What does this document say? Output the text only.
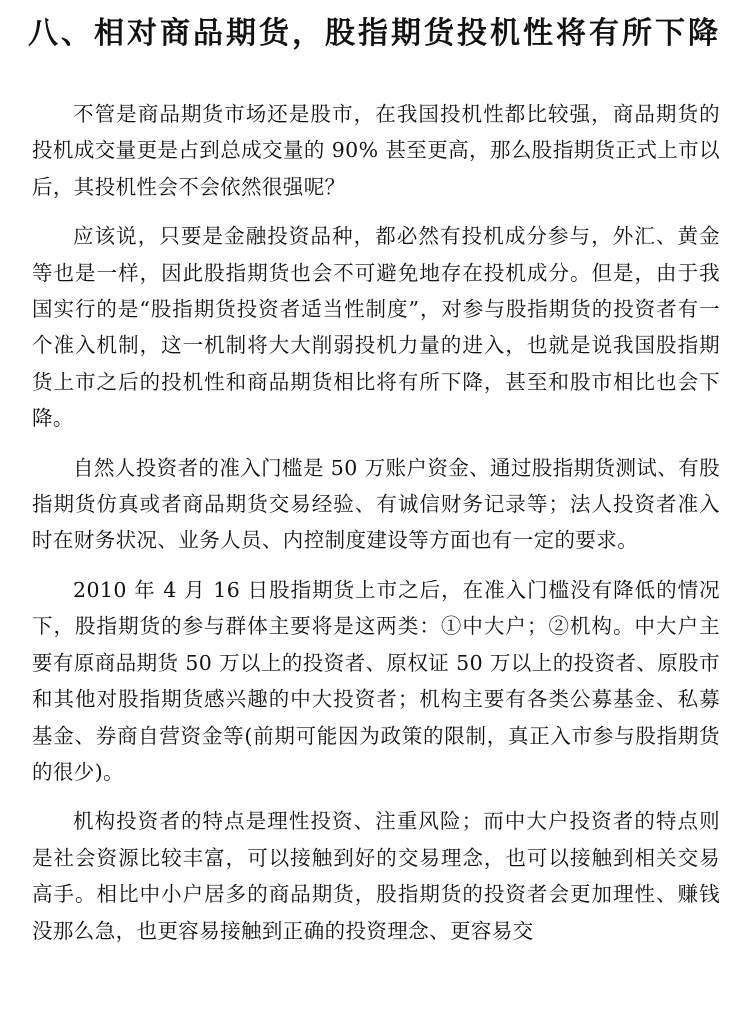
八、相对商品期货，股指期货投机性将有所下降

不管是商品期货市场还是股市，在我国投机性都比较强，商品期货的投机成交量更是占到总成交量的 90% 甚至更高，那么股指期货正式上市以后，其投机性会不会依然很强呢？

应该说，只要是金融投资品种，都必然有投机成分参与，外汇、黄金等也是一样，因此股指期货也会不可避免地存在投机成分。但是，由于我国实行的是“股指期货投资者适当性制度”，对参与股指期货的投资者有一个准入机制，这一机制将大大削弱投机力量的进入，也就是说我国股指期货上市之后的投机性和商品期货相比将有所下降，甚至和股市相比也会下降。

自然人投资者的准入门槛是 50 万账户资金、通过股指期货测试、有股指期货仿真或者商品期货交易经验、有诚信财务记录等；法人投资者准入时在财务状况、业务人员、内控制度建设等方面也有一定的要求。

2010 年 4 月 16 日股指期货上市之后，在准入门槛没有降低的情况下，股指期货的参与群体主要将是这两类：①中大户；②机构。中大户主要有原商品期货 50 万以上的投资者、原权证 50 万以上的投资者、原股市和其他对股指期货感兴趣的中大投资者；机构主要有各类公募基金、私募基金、券商自营资金等(前期可能因为政策的限制，真正入市参与股指期货的很少)。

机构投资者的特点是理性投资、注重风险；而中大户投资者的特点则是社会资源比较丰富，可以接触到好的交易理念，也可以接触到相关交易高手。相比中小户居多的商品期货，股指期货的投资者会更加理性、赚钱没那么急，也更容易接触到正确的投资理念、更容易交
